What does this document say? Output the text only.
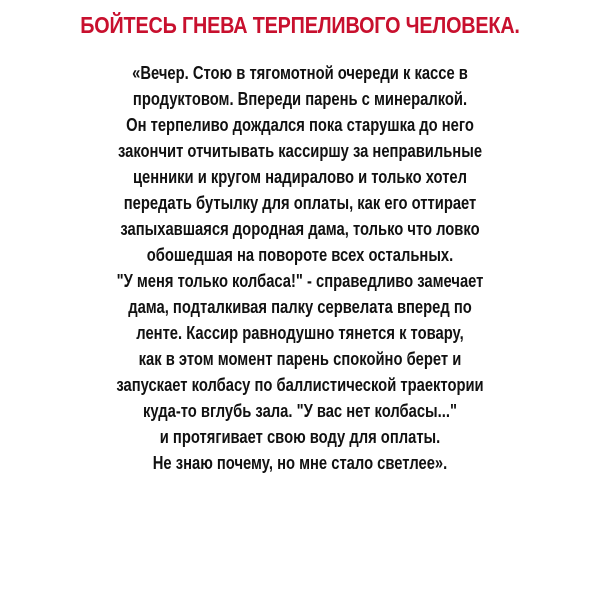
БОЙТЕСЬ ГНЕВА ТЕРПЕЛИВОГО ЧЕЛОВЕКА.
«Вечер. Стою в тягомотной очереди к кассе в
продуктовом. Впереди парень с минералкой.
Он терпеливо дождался пока старушка до него
закончит отчитывать кассиршу за неправильные
ценники и кругом надиралово и только хотел
передать бутылку для оплаты, как его оттирает
запыхавшаяся дородная дама, только что ловко
обошедшая на повороте всех остальных.
"У меня только колбаса!" - справедливо замечает
дама, подталкивая палку сервелата вперед по
ленте. Кассир равнодушно тянется к товару,
как в этом момент парень спокойно берет и
запускает колбасу по баллистической траектории
куда-то вглубь зала. "У вас нет колбасы..."
и протягивает свою воду для оплаты.
Не знаю почему, но мне стало светлее».
